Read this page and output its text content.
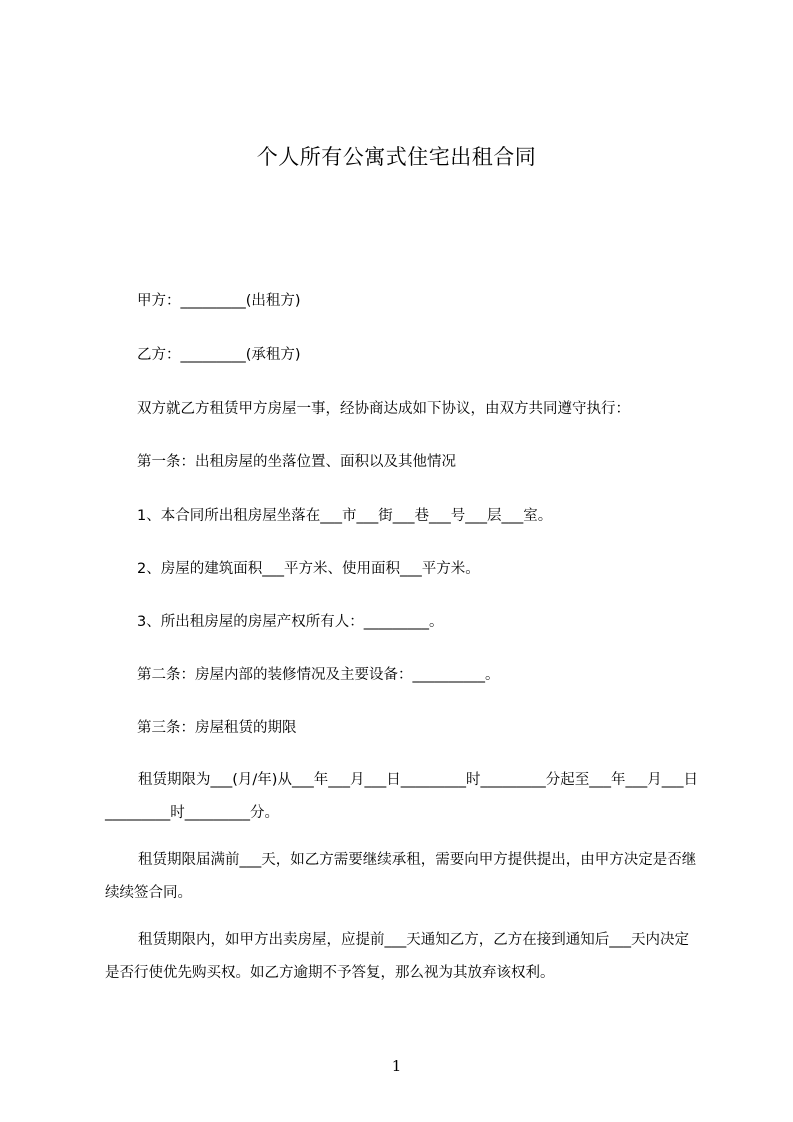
个人所有公寓式住宅出租合同
甲方：_________(出租方)
乙方：_________(承租方)
双方就乙方租赁甲方房屋一事，经协商达成如下协议，由双方共同遵守执行：
第一条：出租房屋的坐落位置、面积以及其他情况
1、本合同所出租房屋坐落在___市___街___巷___号___层___室。
2、房屋的建筑面积___平方米、使用面积___平方米。
3、所出租房屋的房屋产权所有人：_________。
第二条：房屋内部的装修情况及主要设备：__________。
第三条：房屋租赁的期限
租赁期限为___(月/年)从___年___月___日_________时_________分起至___年___月___日_________时_________分。
租赁期限届满前___天，如乙方需要继续承租，需要向甲方提供提出，由甲方决定是否继续续签合同。
租赁期限内，如甲方出卖房屋，应提前___天通知乙方，乙方在接到通知后___天内决定是否行使优先购买权。如乙方逾期不予答复，那么视为其放弃该权利。
1
